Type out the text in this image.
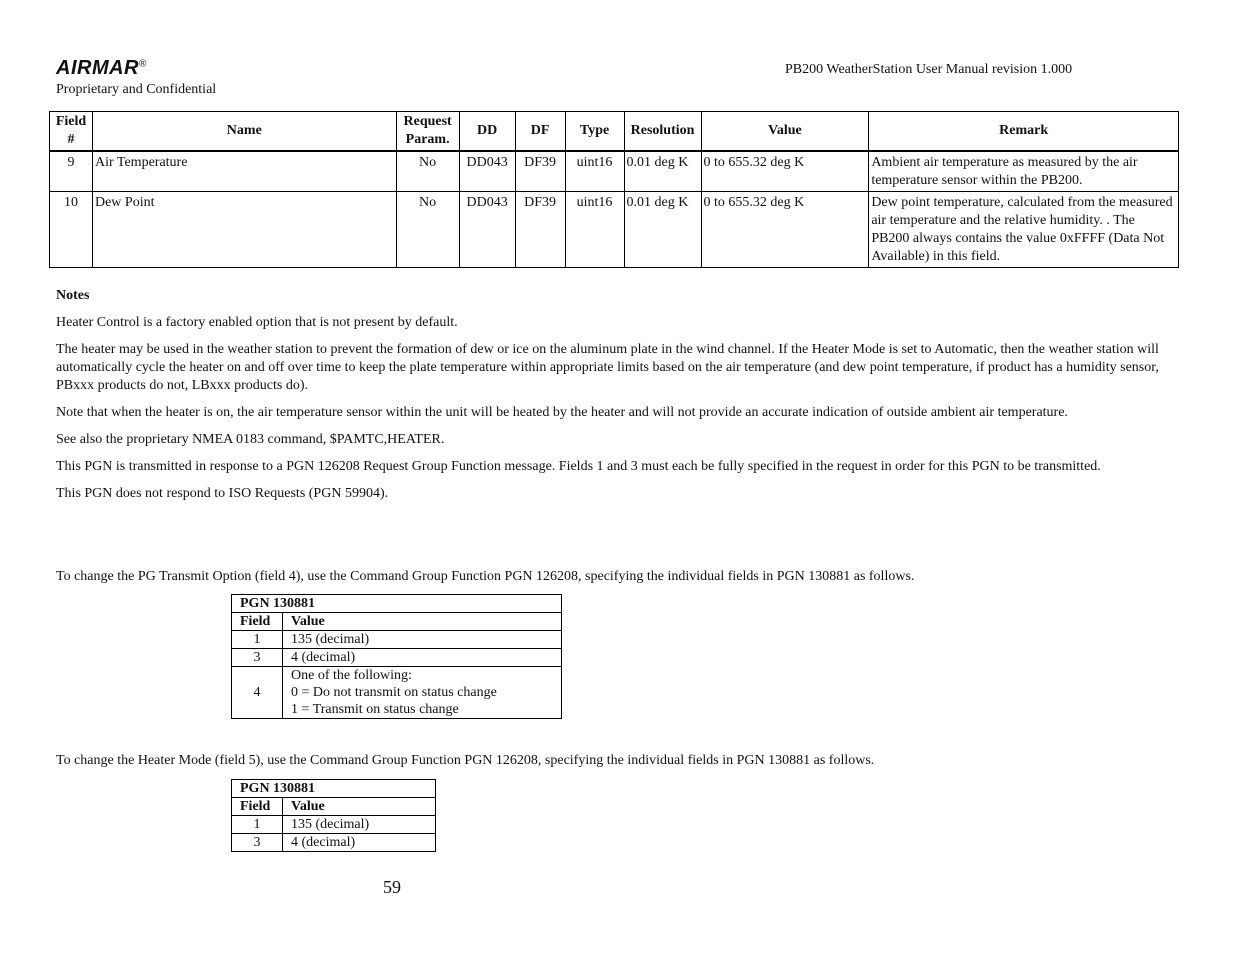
AIRMAR®	PB200 WeatherStation User Manual revision 1.000
Proprietary and Confidential
Field #	Name	Request Param.	DD	DF	Type	Resolution	Value	Remark
9	Air Temperature	No	DD043	DF39	uint16	0.01 deg K	0 to 655.32 deg K	Ambient air temperature as measured by the air temperature sensor within the PB200.
10	Dew Point	No	DD043	DF39	uint16	0.01 deg K	0 to 655.32 deg K	Dew point temperature, calculated from the measured air temperature and the relative humidity. . The PB200 always contains the value 0xFFFF (Data Not Available) in this field.

Notes

Heater Control is a factory enabled option that is not present by default.

The heater may be used in the weather station to prevent the formation of dew or ice on the aluminum plate in the wind channel. If the Heater Mode is set to Automatic, then the weather station will automatically cycle the heater on and off over time to keep the plate temperature within appropriate limits based on the air temperature (and dew point temperature, if product has a humidity sensor, PBxxx products do not, LBxxx products do).

Note that when the heater is on, the air temperature sensor within the unit will be heated by the heater and will not provide an accurate indication of outside ambient air temperature.

See also the proprietary NMEA 0183 command, $PAMTC,HEATER.

This PGN is transmitted in response to a PGN 126208 Request Group Function message. Fields 1 and 3 must each be fully specified in the request in order for this PGN to be transmitted.

This PGN does not respond to ISO Requests (PGN 59904).

To change the PG Transmit Option (field 4), use the Command Group Function PGN 126208, specifying the individual fields in PGN 130881 as follows.

PGN 130881	
Field	Value
1	135 (decimal)
3	4 (decimal)
4	One of the following:
0 = Do not transmit on status change
1 = Transmit on status change

To change the Heater Mode (field 5), use the Command Group Function PGN 126208, specifying the individual fields in PGN 130881 as follows.

PGN 130881	
Field	Value
1	135 (decimal)
3	4 (decimal)
59
